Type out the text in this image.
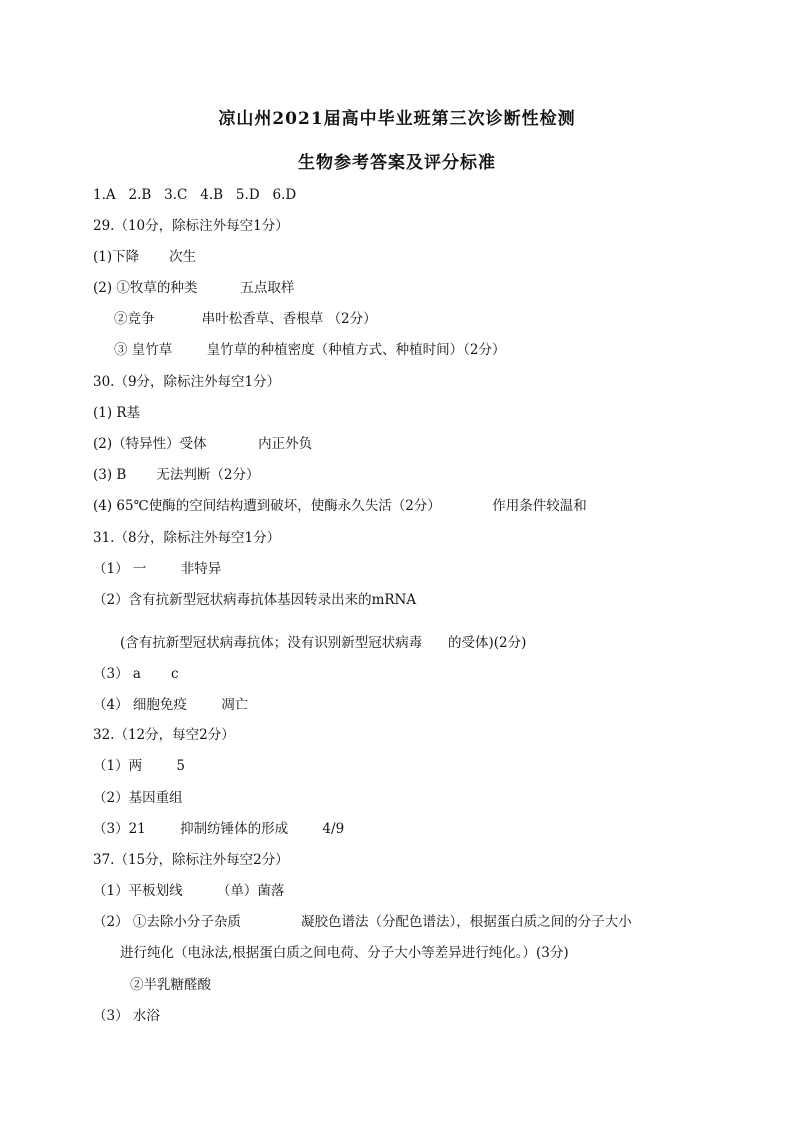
凉山州2021届高中毕业班第三次诊断性检测
生物参考答案及评分标准
1.A   2.B   3.C   4.B   5.D   6.D
29.（10分，除标注外每空1分）
(1)下降       次生
(2) ①牧草的种类          五点取样
②竞争           串叶松香草、香根草 （2分）
③ 皇竹草        皇竹草的种植密度（种植方式、种植时间）（2分）
30.（9分，除标注外每空1分）
(1) R基
(2)（特异性）受体            内正外负
(3) B       无法判断（2分）
(4) 65℃使酶的空间结构遭到破坏，使酶永久失活（2分）            作用条件较温和
31.（8分，除标注外每空1分）
（1） 一        非特异
（2）含有抗新型冠状病毒抗体基因转录出来的mRNA
(含有抗新型冠状病毒抗体；没有识别新型冠状病毒      的受体)(2分)
（3） a       c
（4） 细胞免疫        凋亡
32.（12分，每空2分）
（1）两        5
（2）基因重组
（3）21        抑制纺锤体的形成        4/9
37.（15分，除标注外每空2分）
（1）平板划线        （单）菌落
（2） ①去除小分子杂质              凝胶色谱法（分配色谱法），根据蛋白质之间的分子大小
进行纯化（电泳法,根据蛋白质之间电荷、分子大小等差异进行纯化。）(3分)
②半乳糖醛酸
（3） 水浴
